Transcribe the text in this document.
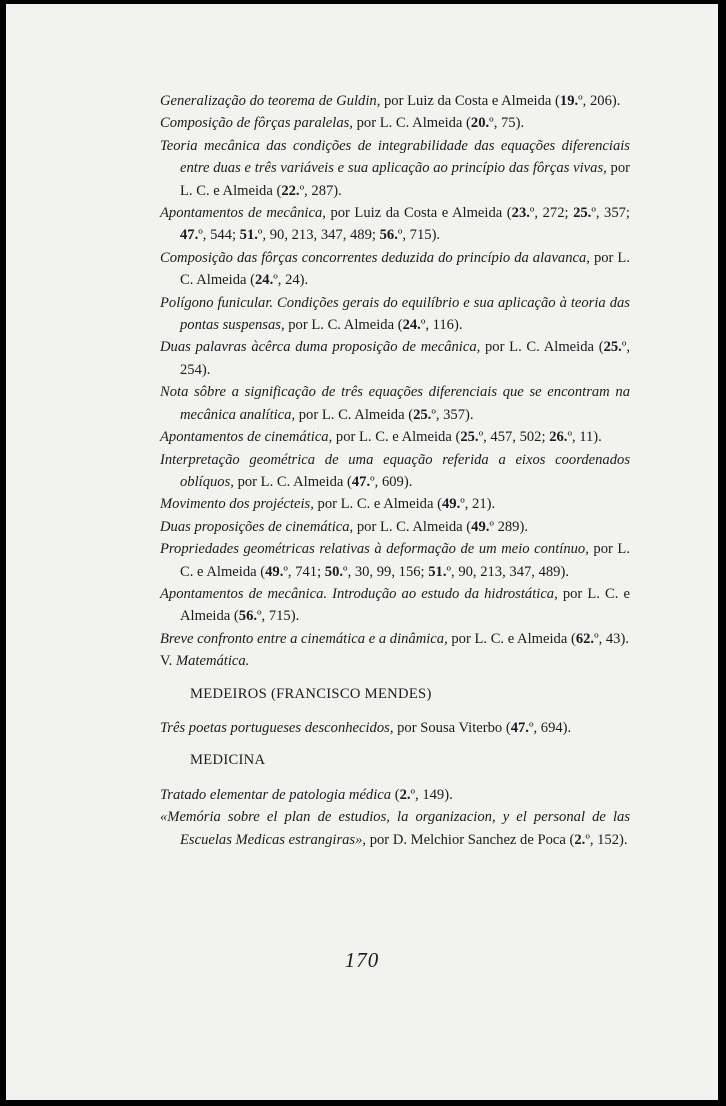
Generalização do teorema de Guldin, por Luiz da Costa e Almeida (19.º, 206).

Composição de fôrças paralelas, por L. C. Almeida (20.º, 75).

Teoria mecânica das condições de integrabilidade das equações diferenciais entre duas e três variáveis e sua aplicação ao princípio das fôrças vivas, por L. C. e Almeida (22.º, 287).

Apontamentos de mecânica, por Luiz da Costa e Almeida (23.º, 272; 25.º, 357; 47.º, 544; 51.º, 90, 213, 347, 489; 56.º, 715).

Composição das fôrças concorrentes deduzida do princípio da alavanca, por L. C. Almeida (24.º, 24).

Polígono funicular. Condições gerais do equilíbrio e sua aplicação à teoria das pontas suspensas, por L. C. Almeida (24.º, 116).

Duas palavras àcêrca duma proposição de mecânica, por L. C. Almeida (25.º, 254).

Nota sôbre a significação de três equações diferenciais que se encontram na mecânica analítica, por L. C. Almeida (25.º, 357).

Apontamentos de cinemática, por L. C. e Almeida (25.º, 457, 502; 26.º, 11).

Interpretação geométrica de uma equação referida a eixos coordenados oblíquos, por L. C. Almeida (47.º, 609).

Movimento dos projécteis, por L. C. e Almeida (49.º, 21).

Duas proposições de cinemática, por L. C. Almeida (49.º 289).

Propriedades geométricas relativas à deformação de um meio contínuo, por L. C. e Almeida (49.º, 741; 50.º, 30, 99, 156; 51.º, 90, 213, 347, 489).

Apontamentos de mecânica. Introdução ao estudo da hidrostática, por L. C. e Almeida (56.º, 715).

Breve confronto entre a cinemática e a dinâmica, por L. C. e Almeida (62.º, 43).

V. Matemática.

MEDEIROS (FRANCISCO MENDES)

Três poetas portugueses desconhecidos, por Sousa Viterbo (47.º, 694).

MEDICINA

Tratado elementar de patologia médica (2.º, 149).

«Memória sobre el plan de estudios, la organizacion, y el personal de las Escuelas Medicas estrangiras», por D. Melchior Sanchez de Poca (2.º, 152).

170
